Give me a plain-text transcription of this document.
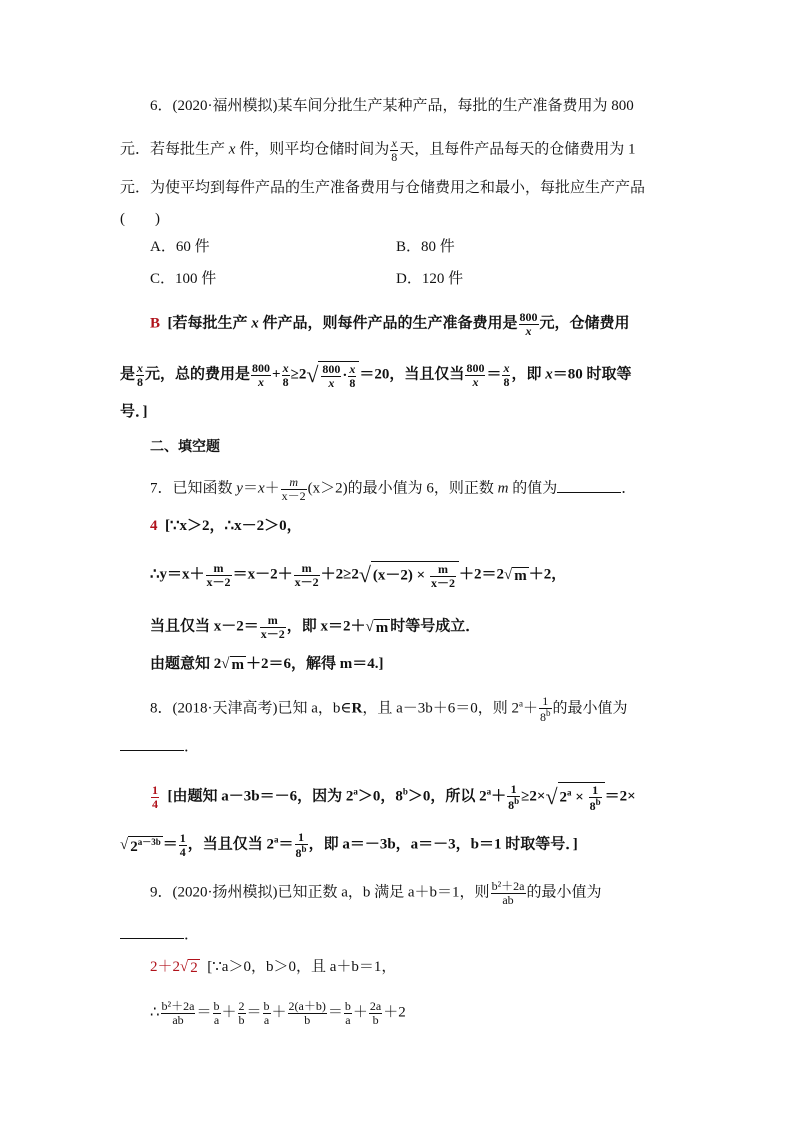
6．(2020·福州模拟)某车间分批生产某种产品，每批的生产准备费用为 800
元．若每批生产 x 件，则平均仓储时间为 $\frac{x}{8}$ 天，且每件产品每天的仓储费用为 1
元．为使平均到每件产品的生产准备费用与仓储费用之和最小，每批应生产产品
(　　)
A．60 件	B．80 件
C．100 件	D．120 件
B [若每批生产 x 件产品，则每件产品的生产准备费用是 $\frac{800}{x}$ 元，仓储费用
是 $\frac{x}{8}$ 元，总的费用是 $\frac{800}{x} + \frac{x}{8} \ge 2√ \frac{800}{x} \cdot \frac{x}{8} =20$，当且仅当 $\frac{800}{x} = \frac{x}{8}$ ，即 x＝80 时取等
号．]
二、填空题
7．已知函数 $y=x+ \frac{m}{x-2} (x>2)$的最小值为 6，则正数 m 的值为	．
4 [∵x＞2，∴x－2＞0，
∴y＝x＋ $\frac{m}{x-2} =x-2+ \frac{m}{x-2} +2\ge 2√$ $(x-2) \times \frac{m}{x-2} +2=2√$ m ＋2，
当且仅当 $x-2= \frac{m}{x-2}$ ，即 x＝2＋√ m 时等号成立．
由题意知 2√ m ＋2＝6，解得 m＝4.]
8．(2018·天津高考)已知 a，b∈R，且 a－3b＋6＝0，则 $2^a+ \frac{1}{8^b}$ 的最小值为
．
$\frac{1}{4}$ [由题知 a－3b＝－6，因为 $2^a>0$，$8^b>0$，所以 $2^a+ \frac{1}{8^b} \ge 2\times√$ $2^a \times \frac{1}{8^b} =2\times$
√ $2^{a-3b} = \frac{1}{4}$ ，当且仅当 $2^a= \frac{1}{8^b}$ ，即 a＝－3b，a＝－3，b＝1 时取等号．]
9．(2020·扬州模拟)已知正数 a，b 满足 a＋b＝1，则 $\frac{\text{b²＋2a}}{ab}$ 的最小值为
．
2＋2√ 2 [∵a＞0，b＞0，且 a＋b＝1，
∴ $\frac{\text{b²＋2a}}{ab} = \frac{b}{a} + \frac{2}{b} = \frac{b}{a} + \frac{2(a+b)}{b} = \frac{b}{a} + \frac{2a}{b} +2$
